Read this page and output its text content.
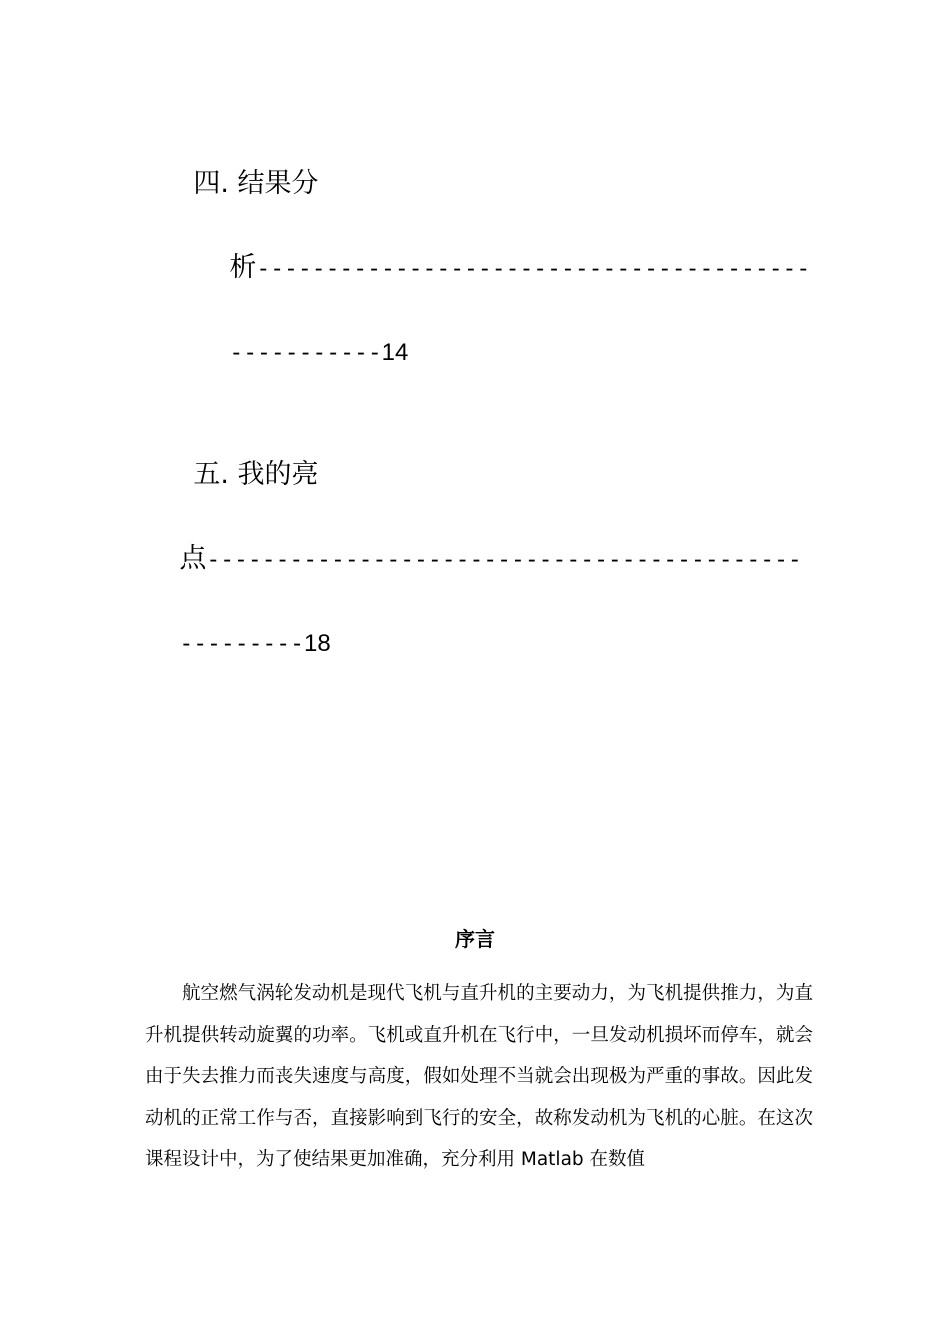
四. 结果分

析----------------------------------------

-----------14

五. 我的亮

点-------------------------------------------

---------18

序言

航空燃气涡轮发动机是现代飞机与直升机的主要动力，为飞机提供推力，为直升机提供转动旋翼的功率。飞机或直升机在飞行中，一旦发动机损坏而停车，就会由于失去推力而丧失速度与高度，假如处理不当就会出现极为严重的事故。因此发动机的正常工作与否，直接影响到飞行的安全，故称发动机为飞机的心脏。在这次课程设计中，为了使结果更加准确，充分利用 Matlab 在数值
